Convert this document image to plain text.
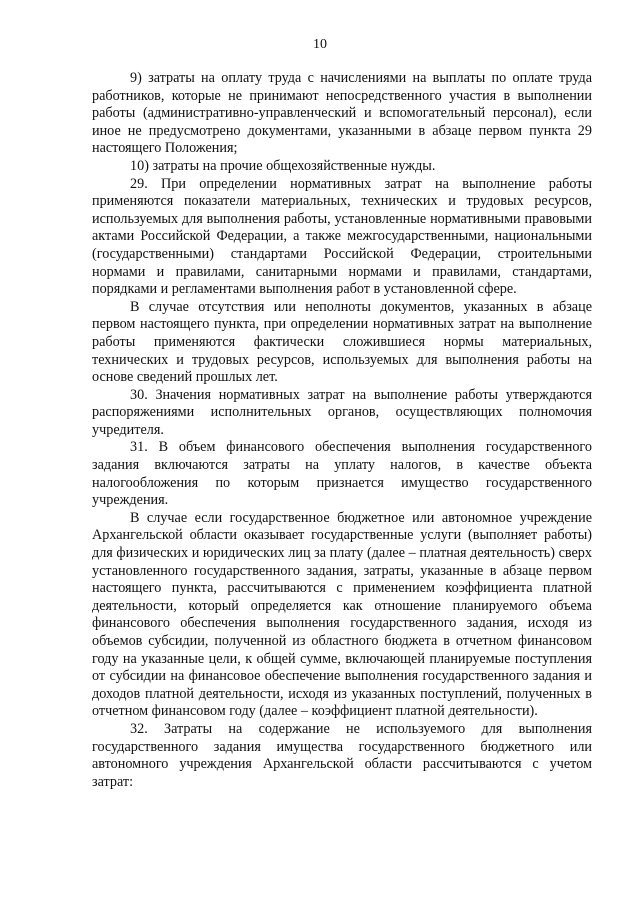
10

9) затраты на оплату труда с начислениями на выплаты по оплате труда работников, которые не принимают непосредственного участия в выполнении работы (административно-управленческий и вспомогательный персонал), если иное не предусмотрено документами, указанными в абзаце первом пункта 29 настоящего Положения;

10) затраты на прочие общехозяйственные нужды.

29. При определении нормативных затрат на выполнение работы применяются показатели материальных, технических и трудовых ресурсов, используемых для выполнения работы, установленные нормативными правовыми актами Российской Федерации, а также межгосударственными, национальными (государственными) стандартами Российской Федерации, строительными нормами и правилами, санитарными нормами и правилами, стандартами, порядками и регламентами выполнения работ в установленной сфере.

В случае отсутствия или неполноты документов, указанных в абзаце первом настоящего пункта, при определении нормативных затрат на выполнение работы применяются фактически сложившиеся нормы материальных, технических и трудовых ресурсов, используемых для выполнения работы на основе сведений прошлых лет.

30. Значения нормативных затрат на выполнение работы утверждаются распоряжениями исполнительных органов, осуществляющих полномочия учредителя.

31. В объем финансового обеспечения выполнения государственного задания включаются затраты на уплату налогов, в качестве объекта налогообложения по которым признается имущество государственного учреждения.

В случае если государственное бюджетное или автономное учреждение Архангельской области оказывает государственные услуги (выполняет работы) для физических и юридических лиц за плату (далее – платная деятельность) сверх установленного государственного задания, затраты, указанные в абзаце первом настоящего пункта, рассчитываются с применением коэффициента платной деятельности, который определяется как отношение планируемого объема финансового обеспечения выполнения государственного задания, исходя из объемов субсидии, полученной из областного бюджета в отчетном финансовом году на указанные цели, к общей сумме, включающей планируемые поступления от субсидии на финансовое обеспечение выполнения государственного задания и доходов платной деятельности, исходя из указанных поступлений, полученных в отчетном финансовом году (далее – коэффициент платной деятельности).

32. Затраты на содержание не используемого для выполнения государственного задания имущества государственного бюджетного или автономного учреждения Архангельской области рассчитываются с учетом затрат:
